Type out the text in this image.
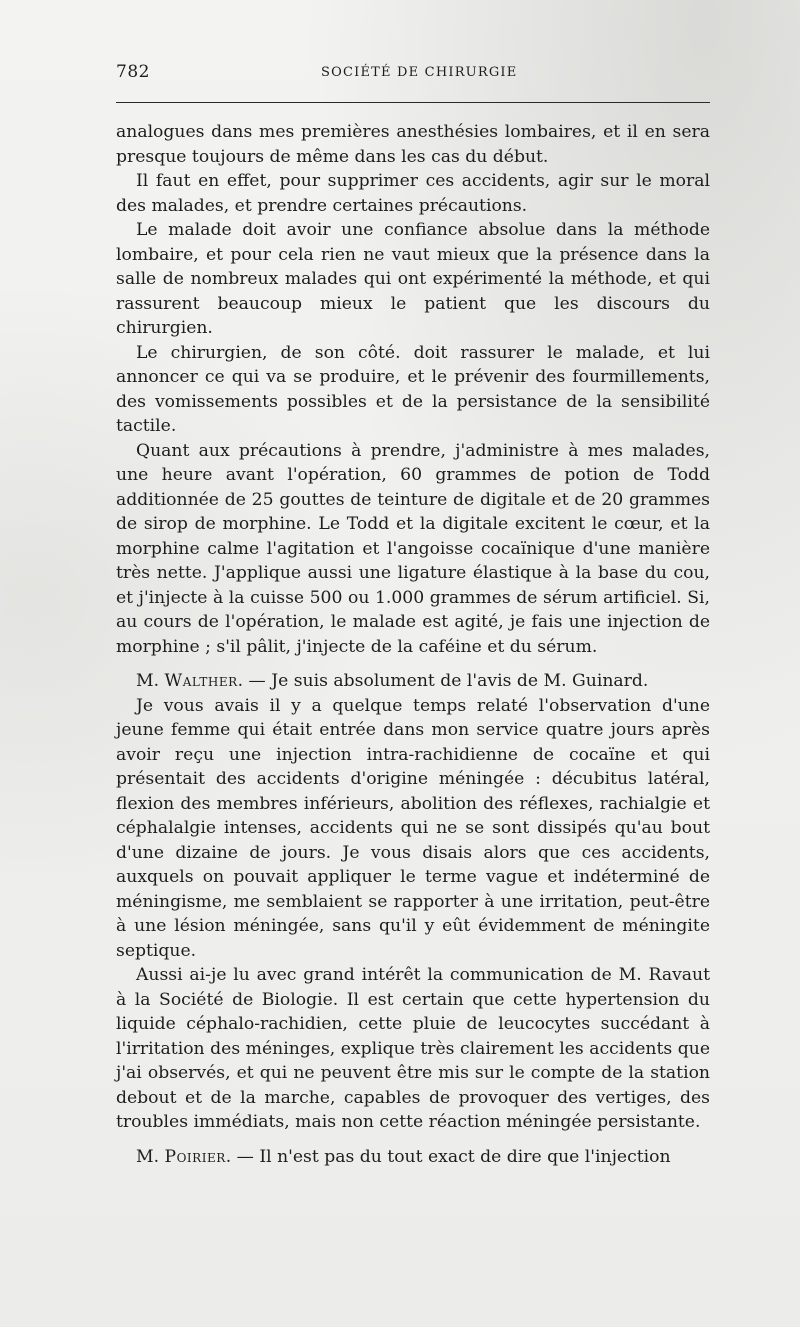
782	SOCIÉTÉ DE CHIRURGIE

analogues dans mes premières anesthésies lombaires, et il en sera presque toujours de même dans les cas du début.

Il faut en effet, pour supprimer ces accidents, agir sur le moral des malades, et prendre certaines précautions.

Le malade doit avoir une confiance absolue dans la méthode lombaire, et pour cela rien ne vaut mieux que la présence dans la salle de nombreux malades qui ont expérimenté la méthode, et qui rassurent beaucoup mieux le patient que les discours du chirurgien.

Le chirurgien, de son côté. doit rassurer le malade, et lui annoncer ce qui va se produire, et le prévenir des fourmillements, des vomissements possibles et de la persistance de la sensibilité tactile.

Quant aux précautions à prendre, j'administre à mes malades, une heure avant l'opération, 60 grammes de potion de Todd additionnée de 25 gouttes de teinture de digitale et de 20 grammes de sirop de morphine. Le Todd et la digitale excitent le cœur, et la morphine calme l'agitation et l'angoisse cocaïnique d'une manière très nette. J'applique aussi une ligature élastique à la base du cou, et j'injecte à la cuisse 500 ou 1.000 grammes de sérum artificiel. Si, au cours de l'opération, le malade est agité, je fais une injection de morphine ; s'il pâlit, j'injecte de la caféine et du sérum.

M. Walther. — Je suis absolument de l'avis de M. Guinard.

Je vous avais il y a quelque temps relaté l'observation d'une jeune femme qui était entrée dans mon service quatre jours après avoir reçu une injection intra-rachidienne de cocaïne et qui présentait des accidents d'origine méningée : décubitus latéral, flexion des membres inférieurs, abolition des réflexes, rachialgie et céphalalgie intenses, accidents qui ne se sont dissipés qu'au bout d'une dizaine de jours. Je vous disais alors que ces accidents, auxquels on pouvait appliquer le terme vague et indéterminé de méningisme, me semblaient se rapporter à une irritation, peut-être à une lésion méningée, sans qu'il y eût évidemment de méningite septique.

Aussi ai-je lu avec grand intérêt la communication de M. Ravaut à la Société de Biologie. Il est certain que cette hypertension du liquide céphalo-rachidien, cette pluie de leucocytes succédant à l'irritation des méninges, explique très clairement les accidents que j'ai observés, et qui ne peuvent être mis sur le compte de la station debout et de la marche, capables de provoquer des vertiges, des troubles immédiats, mais non cette réaction méningée persistante.

M. Poirier. — Il n'est pas du tout exact de dire que l'injection
